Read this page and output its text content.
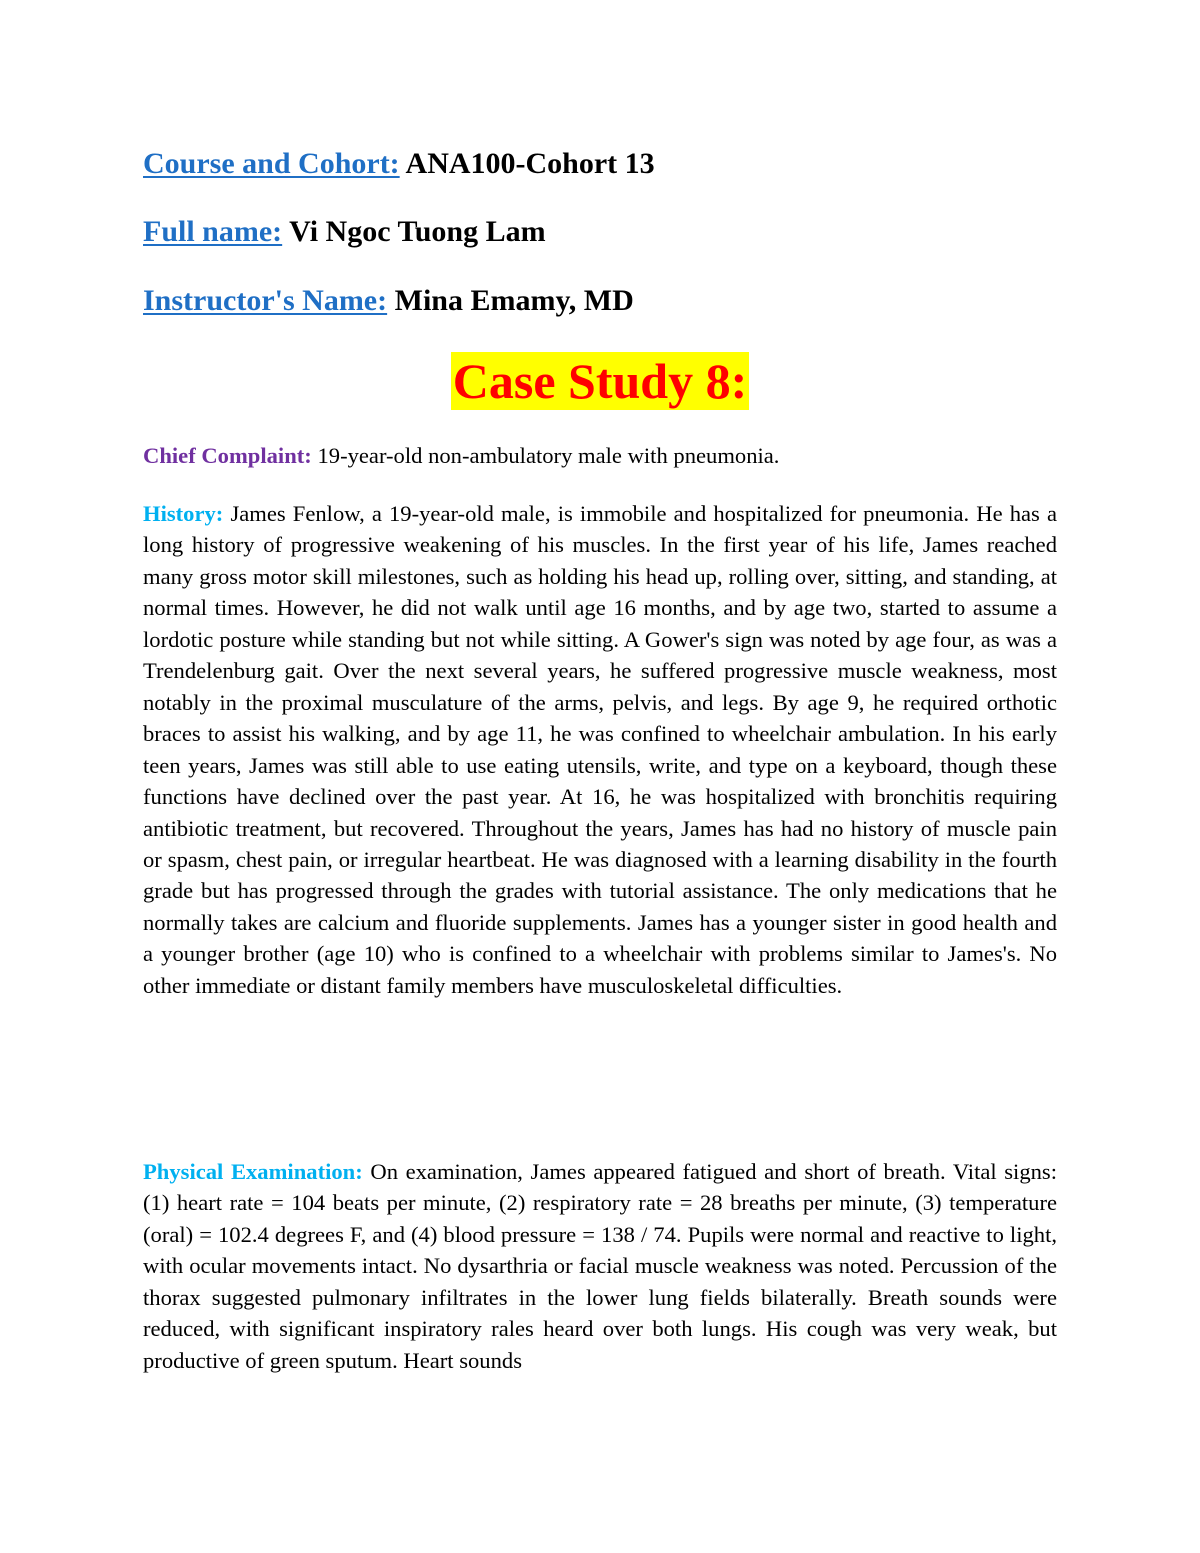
Course and Cohort: ANA100-Cohort 13
Full name: Vi Ngoc Tuong Lam
Instructor's Name: Mina Emamy, MD
Case Study 8:

Chief Complaint: 19-year-old non-ambulatory male with pneumonia.

History: James Fenlow, a 19-year-old male, is immobile and hospitalized for pneumonia. He has a long history of progressive weakening of his muscles. In the first year of his life, James reached many gross motor skill milestones, such as holding his head up, rolling over, sitting, and standing, at normal times. However, he did not walk until age 16 months, and by age two, started to assume a lordotic posture while standing but not while sitting. A Gower's sign was noted by age four, as was a Trendelenburg gait. Over the next several years, he suffered progressive muscle weakness, most notably in the proximal musculature of the arms, pelvis, and legs. By age 9, he required orthotic braces to assist his walking, and by age 11, he was confined to wheelchair ambulation. In his early teen years, James was still able to use eating utensils, write, and type on a keyboard, though these functions have declined over the past year. At 16, he was hospitalized with bronchitis requiring antibiotic treatment, but recovered. Throughout the years, James has had no history of muscle pain or spasm, chest pain, or irregular heartbeat. He was diagnosed with a learning disability in the fourth grade but has progressed through the grades with tutorial assistance. The only medications that he normally takes are calcium and fluoride supplements. James has a younger sister in good health and a younger brother (age 10) who is confined to a wheelchair with problems similar to James's. No other immediate or distant family members have musculoskeletal difficulties.

Physical Examination: On examination, James appeared fatigued and short of breath. Vital signs: (1) heart rate = 104 beats per minute, (2) respiratory rate = 28 breaths per minute, (3) temperature (oral) = 102.4 degrees F, and (4) blood pressure = 138 / 74. Pupils were normal and reactive to light, with ocular movements intact. No dysarthria or facial muscle weakness was noted. Percussion of the thorax suggested pulmonary infiltrates in the lower lung fields bilaterally. Breath sounds were reduced, with significant inspiratory rales heard over both lungs. His cough was very weak, but productive of green sputum. Heart sounds
